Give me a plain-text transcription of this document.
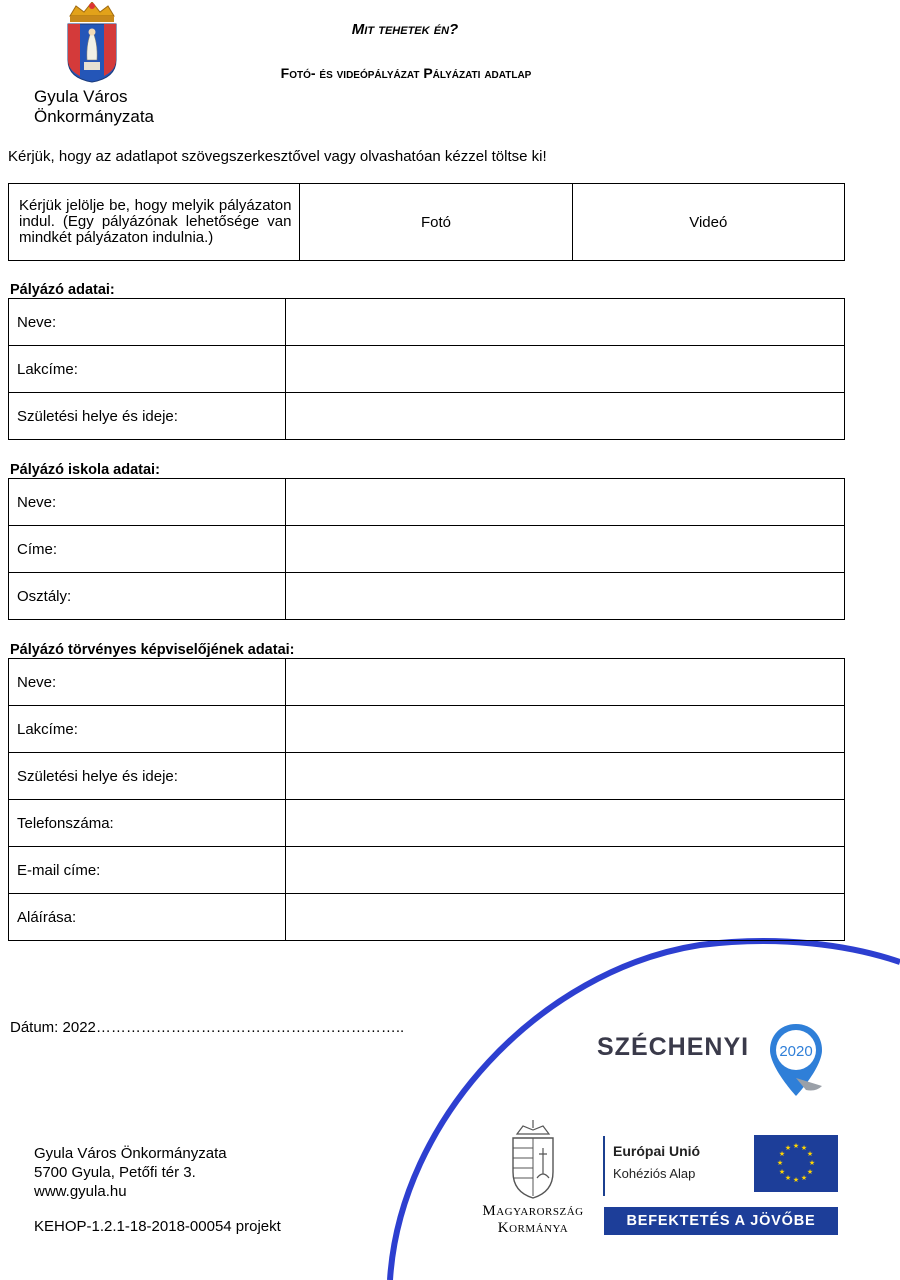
Gyula Város
Önkormányzata
Mit tehetek én?
Fotó- és videópályázat Pályázati adatlap
Kérjük, hogy az adatlapot szövegszerkesztővel vagy olvashatóan kézzel töltse ki!
Kérjük jelölje be, hogy melyik pályázaton indul. (Egy pályázónak lehetősége van mindkét pályázaton indulnia.)	Fotó	Videó
Pályázó adatai:
Neve:	
Lakcíme:	
Születési helye és ideje:	
Pályázó iskola adatai:
Neve:	
Címe:	
Osztály:	
Pályázó törvényes képviselőjének adatai:
Neve:	
Lakcíme:	
Születési helye és ideje:	
Telefonszáma:	
E-mail címe:	
Aláírása:	
Dátum: 2022……………………………………………………..
Gyula Város Önkormányzata
5700 Gyula, Petőfi tér 3.
www.gyula.hu
KEHOP-1.2.1-18-2018-00054 projekt
SZÉCHENYI 2020
Magyarország
Kormánya
Európai Unió
Kohéziós Alap
★ ★
★
★
★
★
★
★
★
★
★
★
BEFEKTETÉS A JÖVŐBE
